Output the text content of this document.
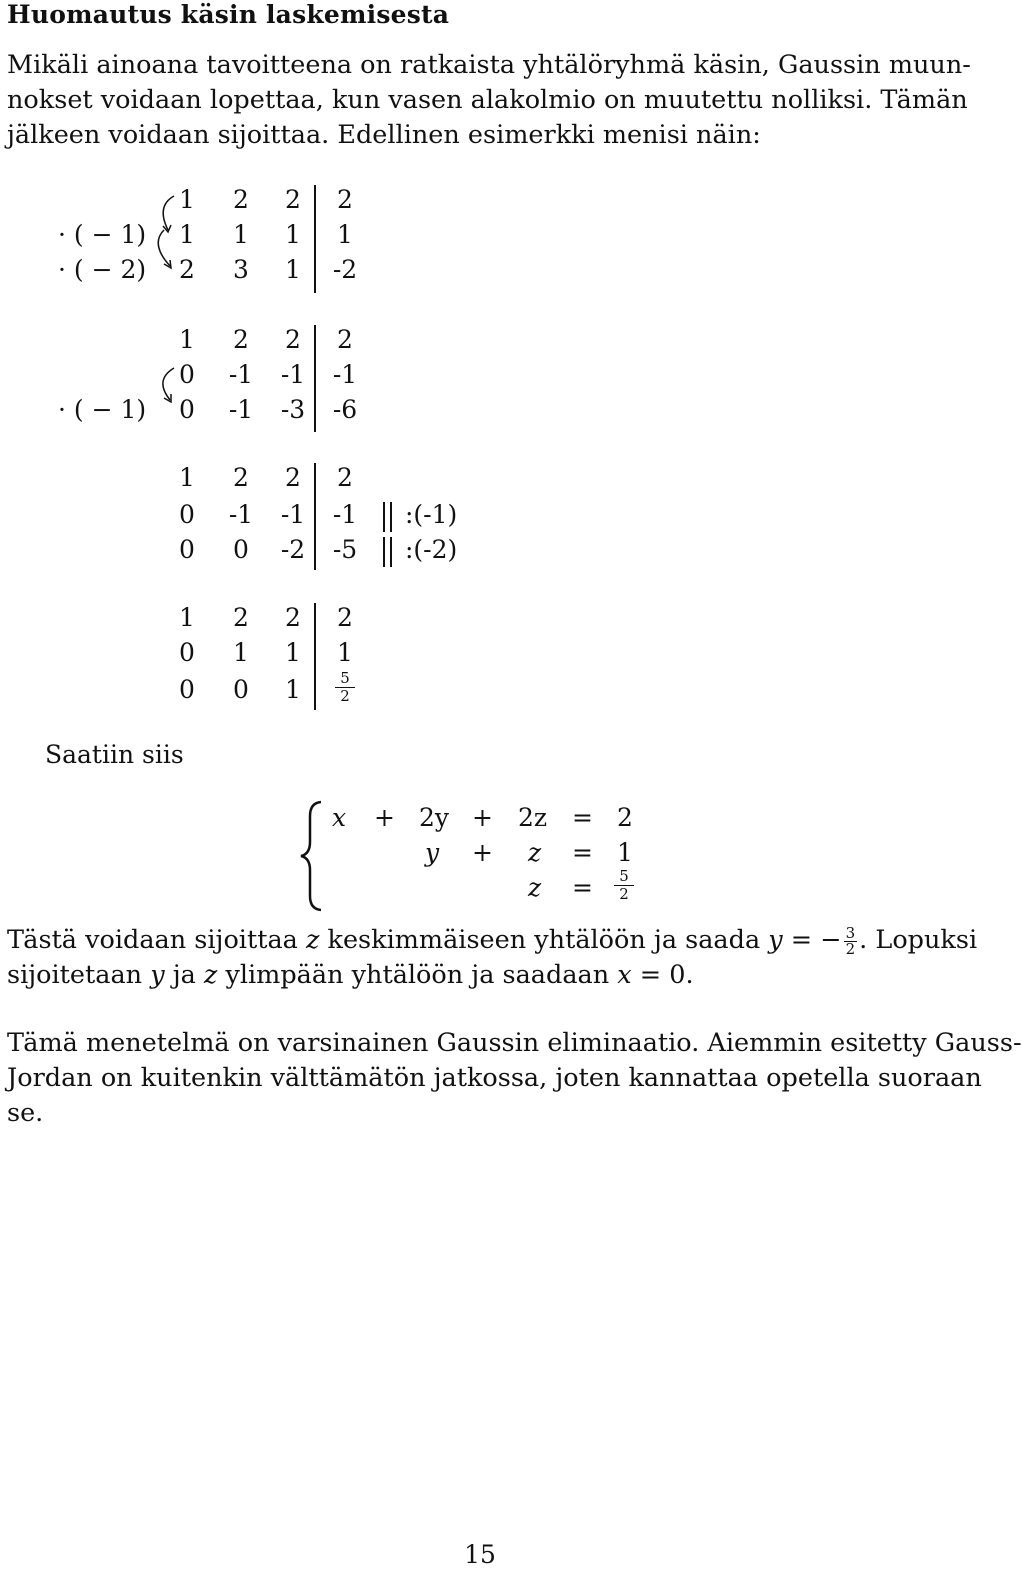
Huomautus käsin laskemisesta
Mikäli ainoana tavoitteena on ratkaista yhtälöryhmä käsin, Gaussin muun-
nokset voidaan lopettaa, kun vasen alakolmio on muutettu nolliksi. Tämän
jälkeen voidaan sijoittaa. Edellinen esimerkki menisi näin:
· ( − 1)
· ( − 2)
1 2 2 2
1 1 1 1
2 3 1 -2
· ( − 1)
1 2 2 2
0 -1 -1 -1
0 -1 -3 -6
1 2 2 2
0 -1 -1 -1
0 0 -2 -5
:(-1)
:(-2)
1 2 2 2
0 1 1 1
0 0 1	$\frac{5}{2}$
Saatiin siis
x + 2y + 2z = 2
y + z = 1
$z = \frac{5}{2}$
Tästä voidaan sijoittaa z keskimmäiseen yhtälöön ja saada y = − $\frac{3}{2}$ . Lopuksi
sijoitetaan y ja z ylimpään yhtälöön ja saadaan x = 0.
Tämä menetelmä on varsinainen Gaussin eliminaatio. Aiemmin esitetty Gauss-
Jordan on kuitenkin välttämätön jatkossa, joten kannattaa opetella suoraan
se.
15
